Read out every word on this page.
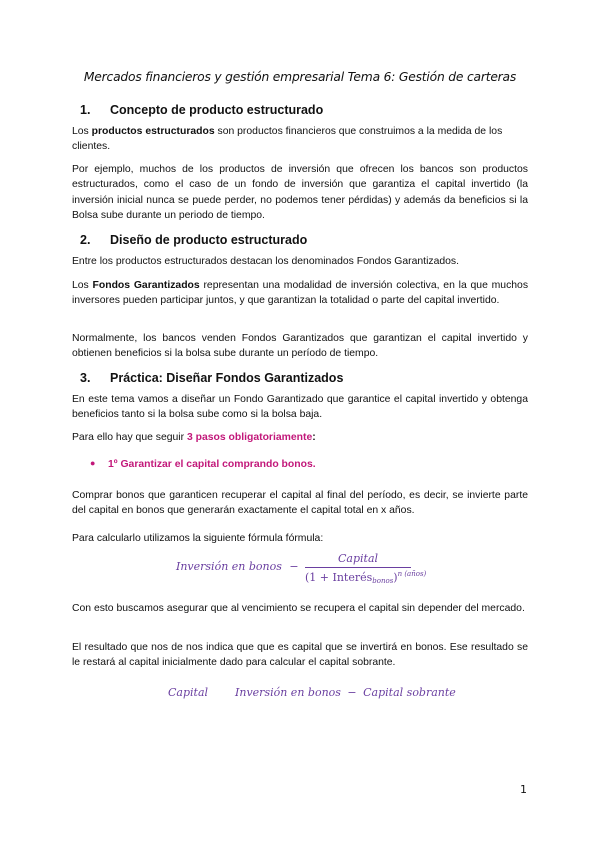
Mercados financieros y gestión empresarial Tema 6: Gestión de carteras
1. Concepto de producto estructurado

Los productos estructurados son productos financieros que construimos a la medida de los clientes.

Por ejemplo, muchos de los productos de inversión que ofrecen los bancos son productos estructurados, como el caso de un fondo de inversión que garantiza el capital invertido (la inversión inicial nunca se puede perder, no podemos tener pérdidas) y además da beneficios si la Bolsa sube durante un periodo de tiempo.

2. Diseño de producto estructurado

Entre los productos estructurados destacan los denominados Fondos Garantizados.

Los Fondos Garantizados representan una modalidad de inversión colectiva, en la que muchos inversores pueden participar juntos, y que garantizan la totalidad o parte del capital invertido.

Normalmente, los bancos venden Fondos Garantizados que garantizan el capital invertido y obtienen beneficios si la bolsa sube durante un período de tiempo.

3. Práctica: Diseñar Fondos Garantizados

En este tema vamos a diseñar un Fondo Garantizado que garantice el capital invertido y obtenga beneficios tanto si la bolsa sube como si la bolsa baja.

Para ello hay que seguir 3 pasos obligatoriamente:

● 1º Garantizar el capital comprando bonos.

Comprar bonos que garanticen recuperar el capital al final del período, es decir, se invierte parte del capital en bonos que generarán exactamente el capital total en x años.

Para calcularlo utilizamos la siguiente fórmula fórmula:

Inversión en bonos −
Capital
(1 + Interés$_{bonos}$)$^{n (años)}$

Con esto buscamos asegurar que al vencimiento se recupera el capital sin depender del mercado.

El resultado que nos de nos indica que que es capital que se invertirá en bonos. Ese resultado se le restará al capital inicialmente dado para calcular el capital sobrante.

Capital Inversión en bonos − Capital sobrante
1
